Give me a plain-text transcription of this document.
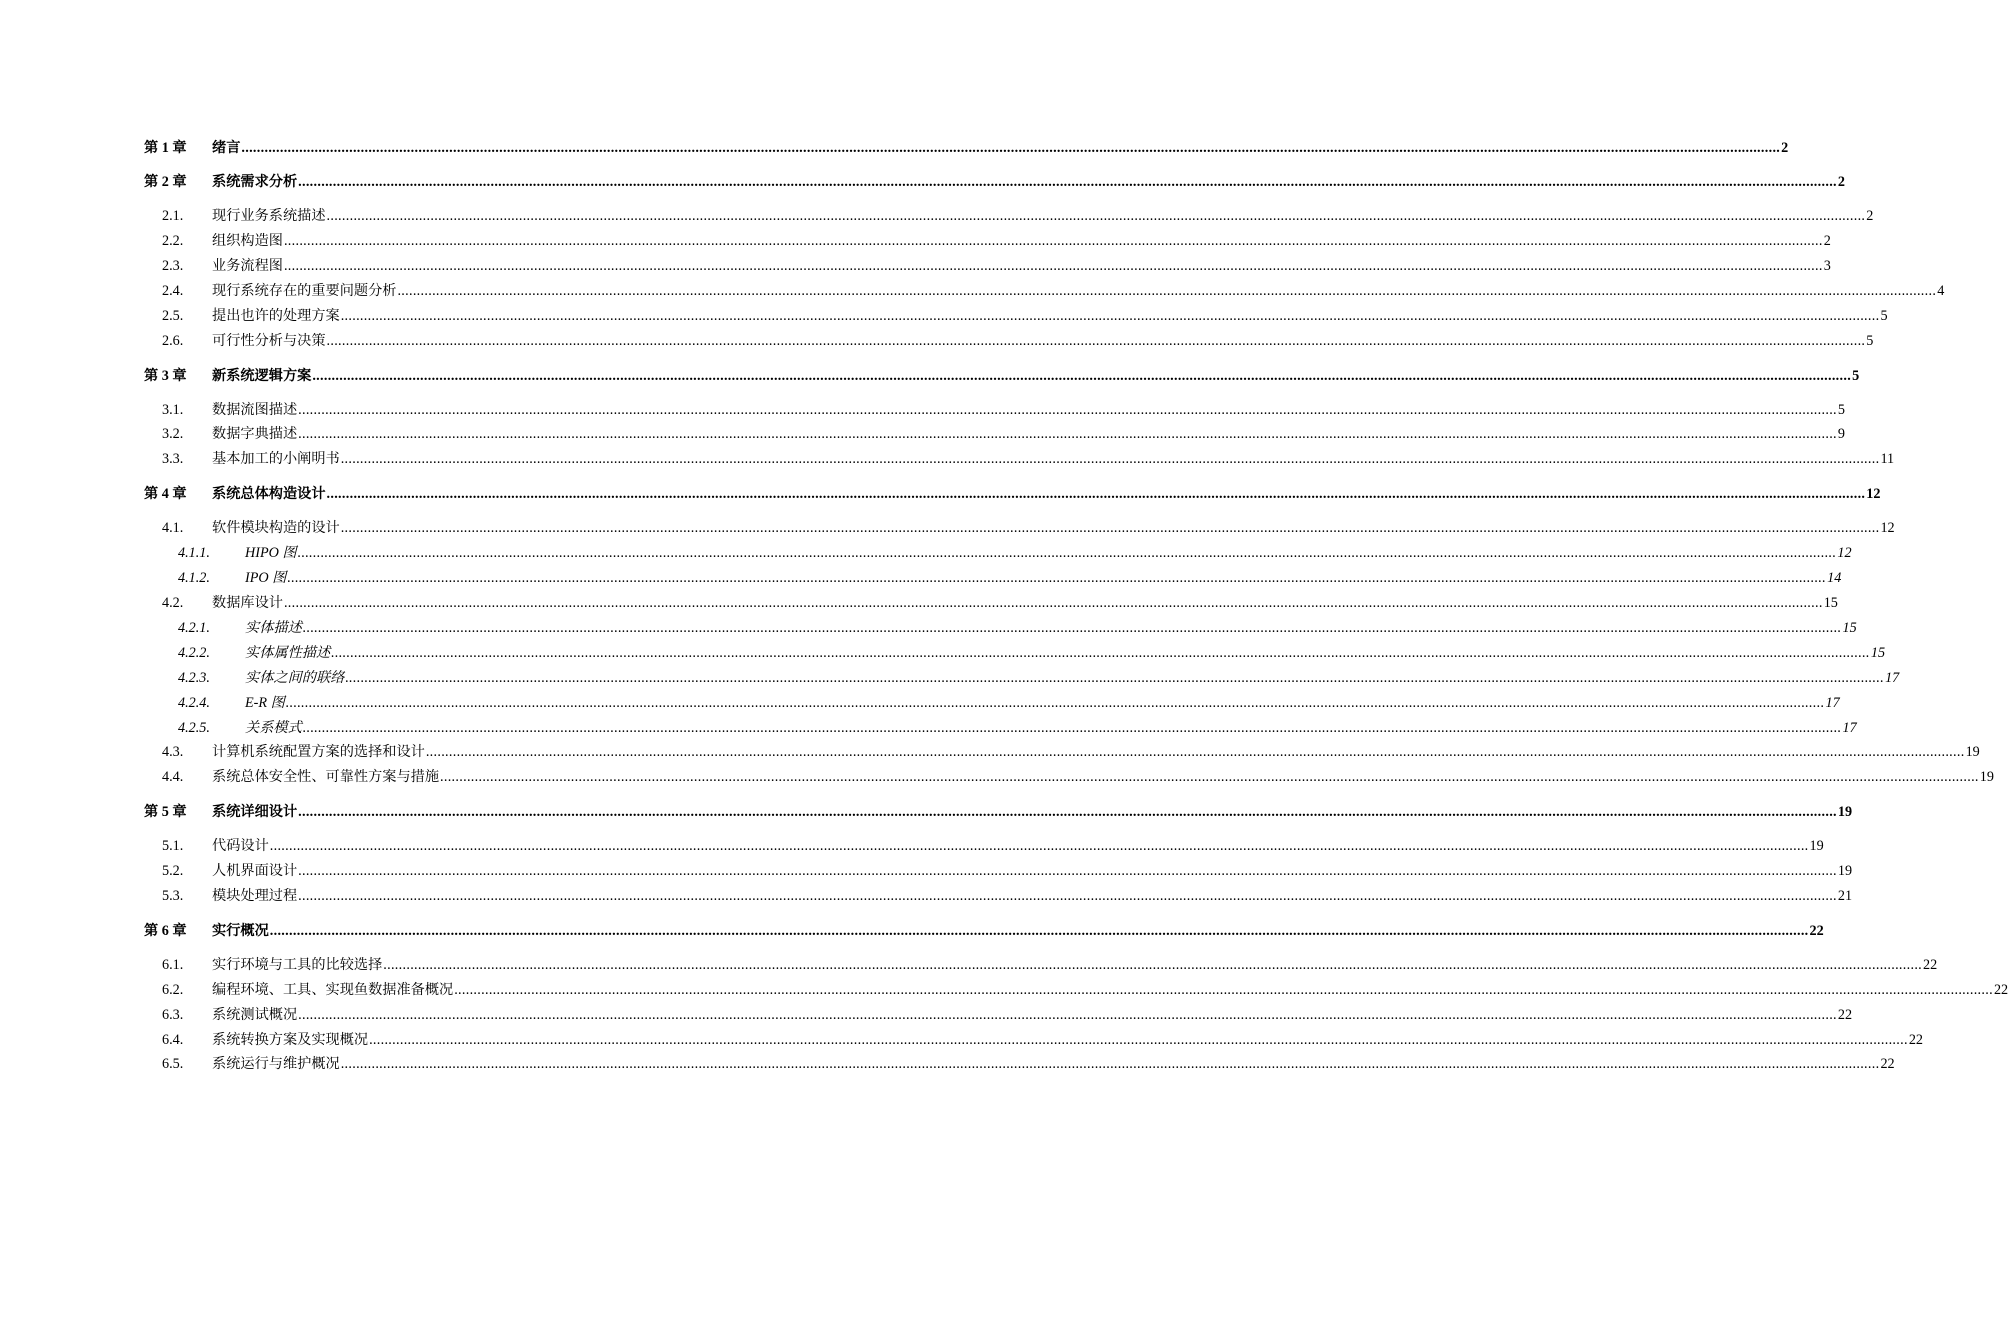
第 1 章 绪言 ................................................................................................................................................................................................................................................................................................................................................................................................................ 2
第 2 章 系统需求分析 ................................................................................................................................................................................................................................................................................................................................................................................................................ 2
2.1. 现行业务系统描述 ................................................................................................................................................................................................................................................................................................................................................................................................................ 2
2.2. 组织构造图 ................................................................................................................................................................................................................................................................................................................................................................................................................ 2
2.3. 业务流程图 ................................................................................................................................................................................................................................................................................................................................................................................................................ 3
2.4. 现行系统存在的重要问题分析 ................................................................................................................................................................................................................................................................................................................................................................................................................ 4
2.5. 提出也许的处理方案 ................................................................................................................................................................................................................................................................................................................................................................................................................ 5
2.6. 可行性分析与决策 ................................................................................................................................................................................................................................................................................................................................................................................................................ 5
第 3 章 新系统逻辑方案 ................................................................................................................................................................................................................................................................................................................................................................................................................ 5
3.1. 数据流图描述 ................................................................................................................................................................................................................................................................................................................................................................................................................ 5
3.2. 数据字典描述 ................................................................................................................................................................................................................................................................................................................................................................................................................ 9
3.3. 基本加工的小阐明书 ................................................................................................................................................................................................................................................................................................................................................................................................................ 11
第 4 章 系统总体构造设计 ................................................................................................................................................................................................................................................................................................................................................................................................................ 12
4.1. 软件模块构造的设计 ................................................................................................................................................................................................................................................................................................................................................................................................................ 12
4.1.1. HIPO 图 ................................................................................................................................................................................................................................................................................................................................................................................................................ 12
4.1.2. IPO 图 ................................................................................................................................................................................................................................................................................................................................................................................................................ 14
4.2. 数据库设计 ................................................................................................................................................................................................................................................................................................................................................................................................................ 15
4.2.1. 实体描述 ................................................................................................................................................................................................................................................................................................................................................................................................................ 15
4.2.2. 实体属性描述 ................................................................................................................................................................................................................................................................................................................................................................................................................ 15
4.2.3. 实体之间的联络 ................................................................................................................................................................................................................................................................................................................................................................................................................ 17
4.2.4. E-R 图 ................................................................................................................................................................................................................................................................................................................................................................................................................ 17
4.2.5. 关系模式 ................................................................................................................................................................................................................................................................................................................................................................................................................ 17
4.3. 计算机系统配置方案的选择和设计 ................................................................................................................................................................................................................................................................................................................................................................................................................ 19
4.4. 系统总体安全性、可靠性方案与措施 ................................................................................................................................................................................................................................................................................................................................................................................................................ 19
第 5 章 系统详细设计 ................................................................................................................................................................................................................................................................................................................................................................................................................ 19
5.1. 代码设计 ................................................................................................................................................................................................................................................................................................................................................................................................................ 19
5.2. 人机界面设计 ................................................................................................................................................................................................................................................................................................................................................................................................................ 19
5.3. 模块处理过程 ................................................................................................................................................................................................................................................................................................................................................................................................................ 21
第 6 章 实行概况 ................................................................................................................................................................................................................................................................................................................................................................................................................ 22
6.1. 实行环境与工具的比较选择 ................................................................................................................................................................................................................................................................................................................................................................................................................ 22
6.2. 编程环境、工具、实现鱼数据准备概况 ................................................................................................................................................................................................................................................................................................................................................................................................................ 22
6.3. 系统测试概况 ................................................................................................................................................................................................................................................................................................................................................................................................................ 22
6.4. 系统转换方案及实现概况 ................................................................................................................................................................................................................................................................................................................................................................................................................ 22
6.5. 系统运行与维护概况 ................................................................................................................................................................................................................................................................................................................................................................................................................ 22
